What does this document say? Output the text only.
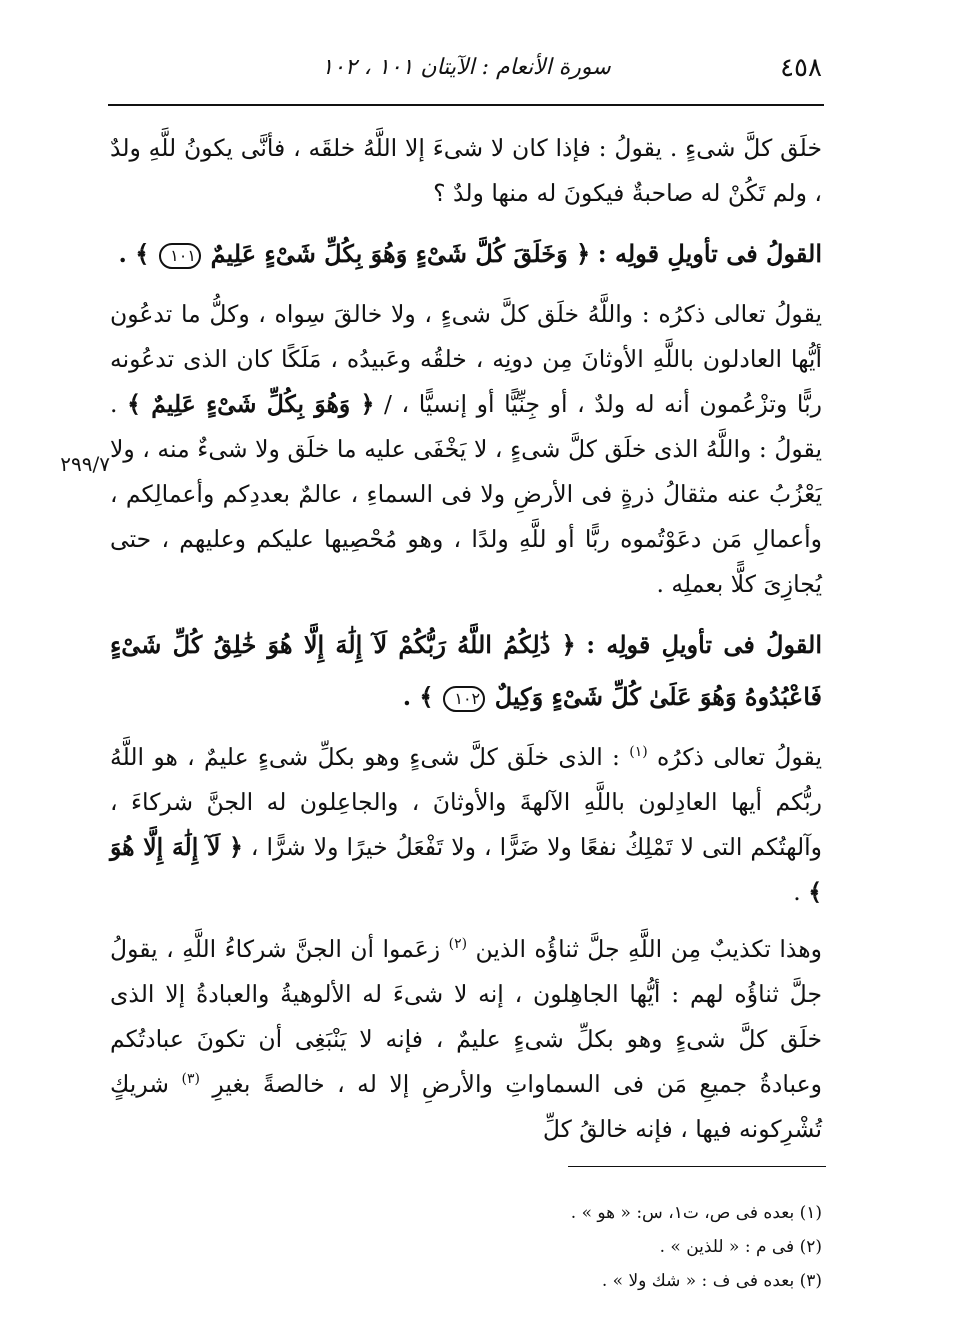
٤٥٨
سورة الأنعام : الآيتان ١٠١ ، ١٠٢
٢٩٩/٧

خلَق كلَّ شىءٍ . يقولُ : فإذا كان لا شىءَ إلا اللَّهُ خلقَه ، فأنَّى يكونُ للَّهِ ولدٌ ، ولم تَكُنْ له صاحبةٌ فيكونَ له منها ولدٌ ؟

القولُ فى تأويلِ قولِه : ﴿ وَخَلَقَ كُلَّ شَىْءٍ وَهُوَ بِكُلِّ شَىْءٍ عَلِيمٌ ١٠١ ﴾ .

يقولُ تعالى ذكرُه : واللَّهُ خلَق كلَّ شىءٍ ، ولا خالقَ سِواه ، وكلُّ ما تدعُون أيُّها العادلون باللَّهِ الأوثانَ مِن دونِه ، خلقُه وعَبيدُه ، مَلَكًا كان الذى تدعُونه ربًّا وتزْعُمون أنه له ولدٌ ، أو جِنِّيًّا أو إنسيًّا ، / ﴿ وَهُوَ بِكُلِّ شَىْءٍ عَلِيمٌ ﴾ . يقولُ : واللَّهُ الذى خلَق كلَّ شىءٍ ، لا يَخْفَى عليه ما خلَق ولا شىءٌ منه ، ولا يَعْزُبُ عنه مثقالُ ذرةٍ فى الأرضِ ولا فى السماءِ ، عالمٌ بعددِكم وأعمالِكم ، وأعمالِ مَن دعَوْتُموه ربًّا أو للَّهِ ولدًا ، وهو مُحْصِيها عليكم وعليهم ، حتى يُجازِىَ كلًّا بعملِه .

القولُ فى تأويلِ قولِه : ﴿ ذَٰلِكُمُ اللَّهُ رَبُّكُمْ لَآ إِلَٰهَ إِلَّا هُوَ خَٰلِقُ كُلِّ شَىْءٍ فَاعْبُدُوهُ وَهُوَ عَلَىٰ كُلِّ شَىْءٍ وَكِيلٌ ١٠٢ ﴾ .

يقولُ تعالى ذكرُه $^{(١)}$ : الذى خلَق كلَّ شىءٍ وهو بكلِّ شىءٍ عليمٌ ، هو اللَّهُ ربُّكم أيها العادِلون باللَّهِ الآلهةَ والأوثانَ ، والجاعِلون له الجنَّ شركاءَ ، وآلهتُكم التى لا تَمْلِكُ نفعًا ولا ضَرًّا ، ولا تَفْعَلُ خيرًا ولا شرًّا ، ﴿ لَآ إِلَٰهَ إِلَّا هُوَ ﴾ .

وهذا تكذيبٌ مِن اللَّهِ جلَّ ثناؤُه الذين $^{(٢)}$ زعَموا أن الجنَّ شركاءُ اللَّهِ ، يقولُ جلَّ ثناؤُه لهم : أيُّها الجاهِلون ، إنه لا شىءَ له الألوهيةُ والعبادةُ إلا الذى خلَق كلَّ شىءٍ وهو بكلِّ شىءٍ عليمٌ ، فإنه لا يَنْبَغِى أن تكونَ عبادتُكم وعبادةُ جميعِ مَن فى السماواتِ والأرضِ إلا له ، خالصةً بغيرِ $^{(٣)}$ شريكٍ تُشْرِكونه فيها ، فإنه خالقُ كلِّ

(١) بعده فى ص، ت١، س: « هو » .
(٢) فى م : « للذين » .
(٣) بعده فى ف : « شك ولا » .
